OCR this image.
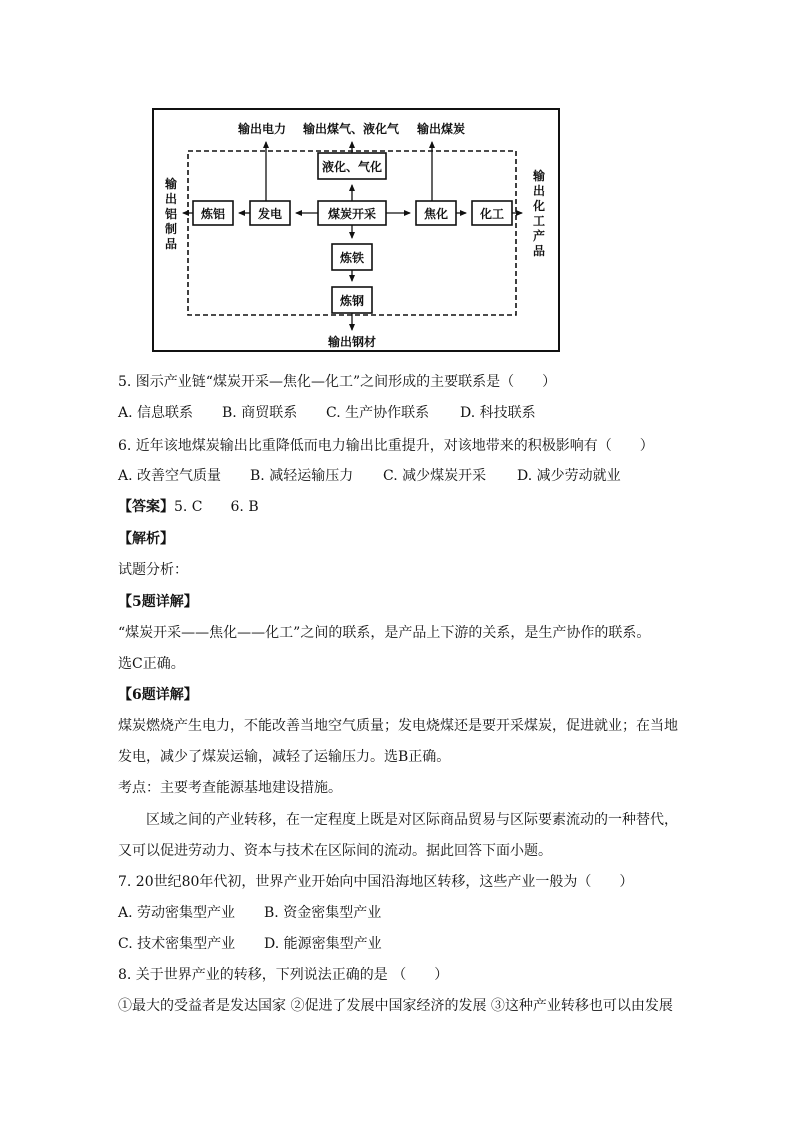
输出电力 输出煤气、液化气 输出煤炭
输
出
铝
制
品
输
出
化
工
产
品
输出钢材
液化、气化
炼铝	发电	煤炭开采	焦化	化工
炼铁
炼钢
5. 图示产业链“煤炭开采—焦化—化工”之间形成的主要联系是（　　）
A. 信息联系 B. 商贸联系 C. 生产协作联系 D. 科技联系
6. 近年该地煤炭输出比重降低而电力输出比重提升，对该地带来的积极影响有（　　）
A. 改善空气质量 B. 减轻运输压力 C. 减少煤炭开采 D. 减少劳动就业
【答案】5. C　　6. B
【解析】
试题分析：
【5题详解】
“煤炭开采——焦化——化工”之间的联系，是产品上下游的关系，是生产协作的联系。
选C正确。
【6题详解】
煤炭燃烧产生电力，不能改善当地空气质量；发电烧煤还是要开采煤炭，促进就业；在当地
发电，减少了煤炭运输，减轻了运输压力。选B正确。
考点：主要考查能源基地建设措施。
区域之间的产业转移，在一定程度上既是对区际商品贸易与区际要素流动的一种替代，
又可以促进劳动力、资本与技术在区际间的流动。据此回答下面小题。
7. 20世纪80年代初，世界产业开始向中国沿海地区转移，这些产业一般为（　　）
A. 劳动密集型产业 B. 资金密集型产业
C. 技术密集型产业 D. 能源密集型产业
8. 关于世界产业的转移，下列说法正确的是 （　　）
①最大的受益者是发达国家 ②促进了发展中国家经济的发展 ③这种产业转移也可以由发展
